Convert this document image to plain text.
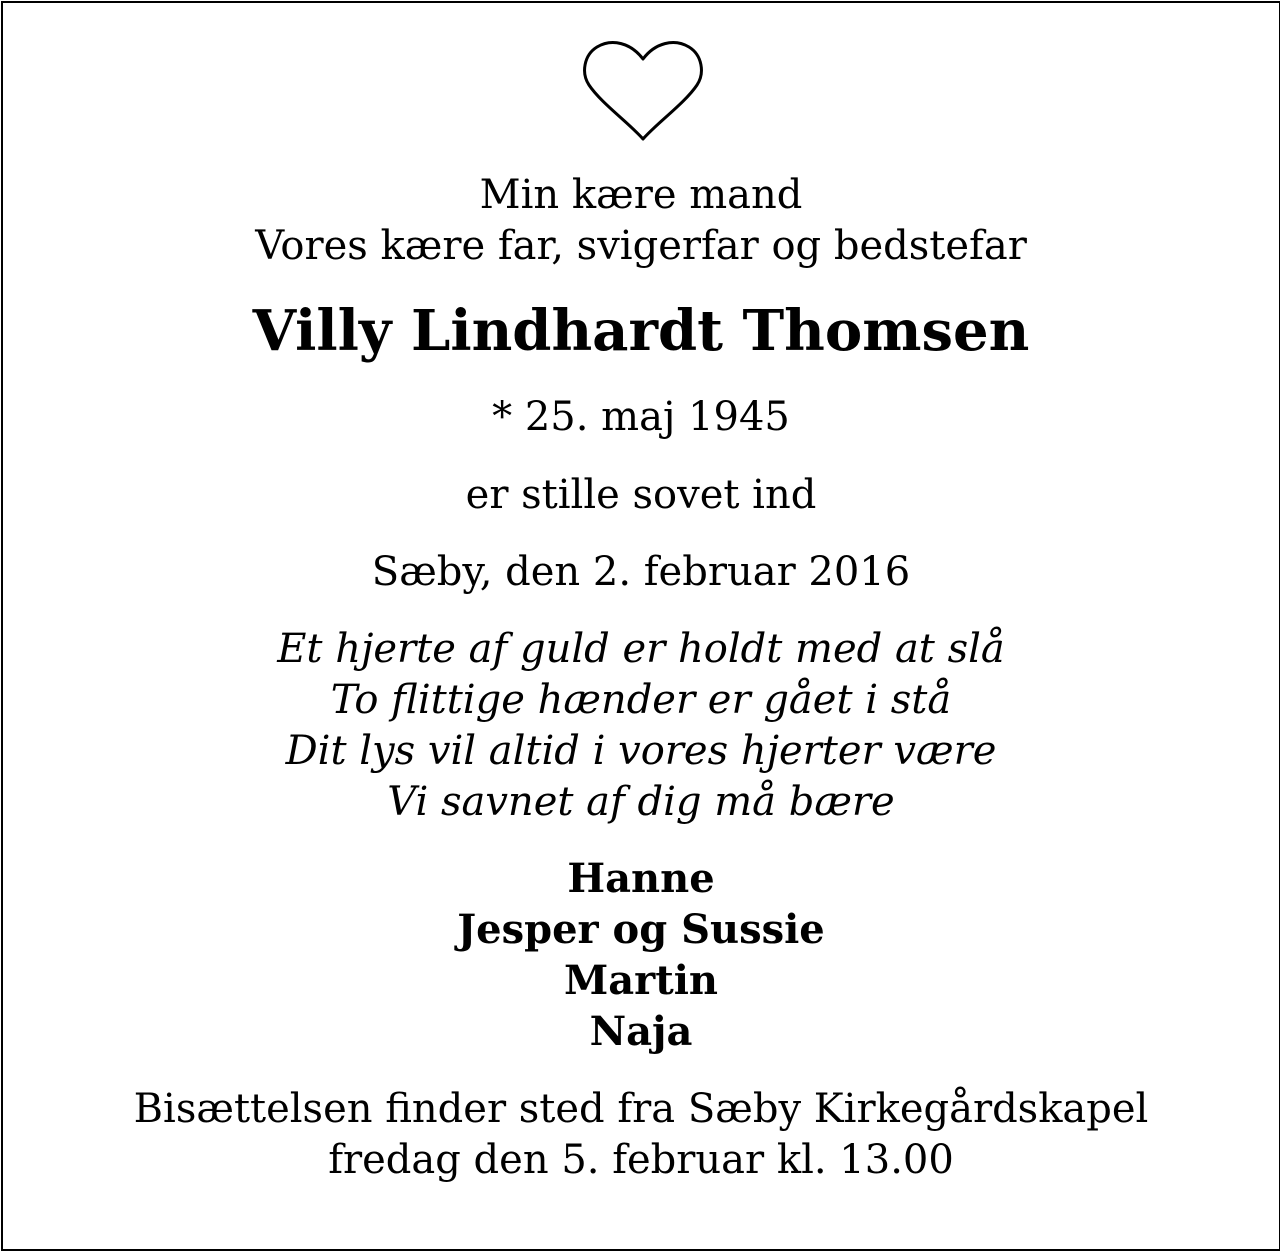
Min kære mand
Vores kære far, svigerfar og bedstefar
Villy Lindhardt Thomsen
* 25. maj 1945
er stille sovet ind
Sæby, den 2. februar 2016
Et hjerte af guld er holdt med at slå
To flittige hænder er gået i stå
Dit lys vil altid i vores hjerter være
Vi savnet af dig må bære
Hanne
Jesper og Sussie
Martin
Naja
Bisættelsen finder sted fra Sæby Kirkegårdskapel
fredag den 5. februar kl. 13.00
